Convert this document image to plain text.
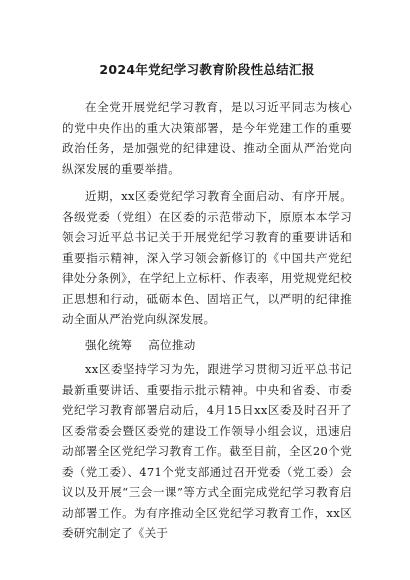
2024年党纪学习教育阶段性总结汇报

在全党开展党纪学习教育，是以习近平同志为核心的党中央作出的重大决策部署，是今年党建工作的重要政治任务，是加强党的纪律建设、推动全面从严治党向纵深发展的重要举措。

近期，xx区委党纪学习教育全面启动、有序开展。各级党委（党组）在区委的示范带动下，原原本本学习领会习近平总书记关于开展党纪学习教育的重要讲话和重要指示精神，深入学习领会新修订的《中国共产党纪律处分条例》，在学纪上立标杆、作表率，用党规党纪校正思想和行动，砥砺本色、固培正气，以严明的纪律推动全面从严治党向纵深发展。

强化统筹 高位推动

xx区委坚持学习为先，跟进学习贯彻习近平总书记最新重要讲话、重要指示批示精神。中央和省委、市委党纪学习教育部署启动后，4月15日xx区委及时召开了区委常委会暨区委党的建设工作领导小组会议，迅速启动部署全区党纪学习教育工作。截至目前，全区20个党委（党工委）、471个党支部通过召开党委（党工委）会议以及开展“三会一课”等方式全面完成党纪学习教育启动部署工作。为有序推动全区党纪学习教育工作，xx区委研究制定了《关于
